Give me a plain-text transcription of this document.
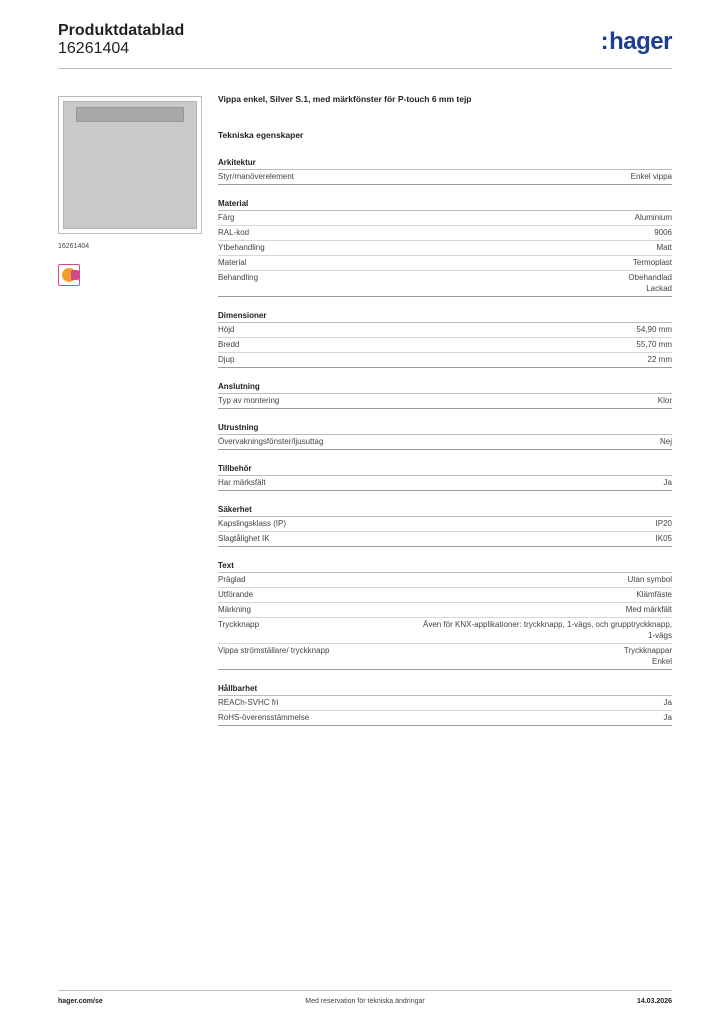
Produktdatablad
16261404	:hager
16261404
Vippa enkel, Silver S.1, med märkfönster för P-touch 6 mm tejp
Tekniska egenskaper
Arkitektur
Styr/manöverelement	Enkel vippa
Material
Färg	Aluminium
RAL-kod	9006
Ytbehandling	Matt
Material	Termoplast
Behandling	Obehandlad
Lackad
Dimensioner
Höjd	54,90 mm
Bredd	55,70 mm
Djup	22 mm
Anslutning
Typ av montering	Klor
Utrustning
Övervakningsfönster/ljusuttag	Nej
Tillbehör
Har märksfält	Ja
Säkerhet
Kapslingsklass (IP)	IP20
Slagtålighet IK	IK05
Text
Präglad	Utan symbol
Utförande	Klämfäste
Märkning	Med märkfält
Tryckknapp	Även för KNX-applikationer: tryckknapp, 1-vägs, och grupptryckknapp,
1-vägs
Vippa strömställare/ tryckknapp	Tryckknappar
Enkel
Hållbarhet
REACh-SVHC fri	Ja
RoHS-överensstämmelse	Ja
hager.com/se	Med reservation för tekniska ändringar	14.03.2026
